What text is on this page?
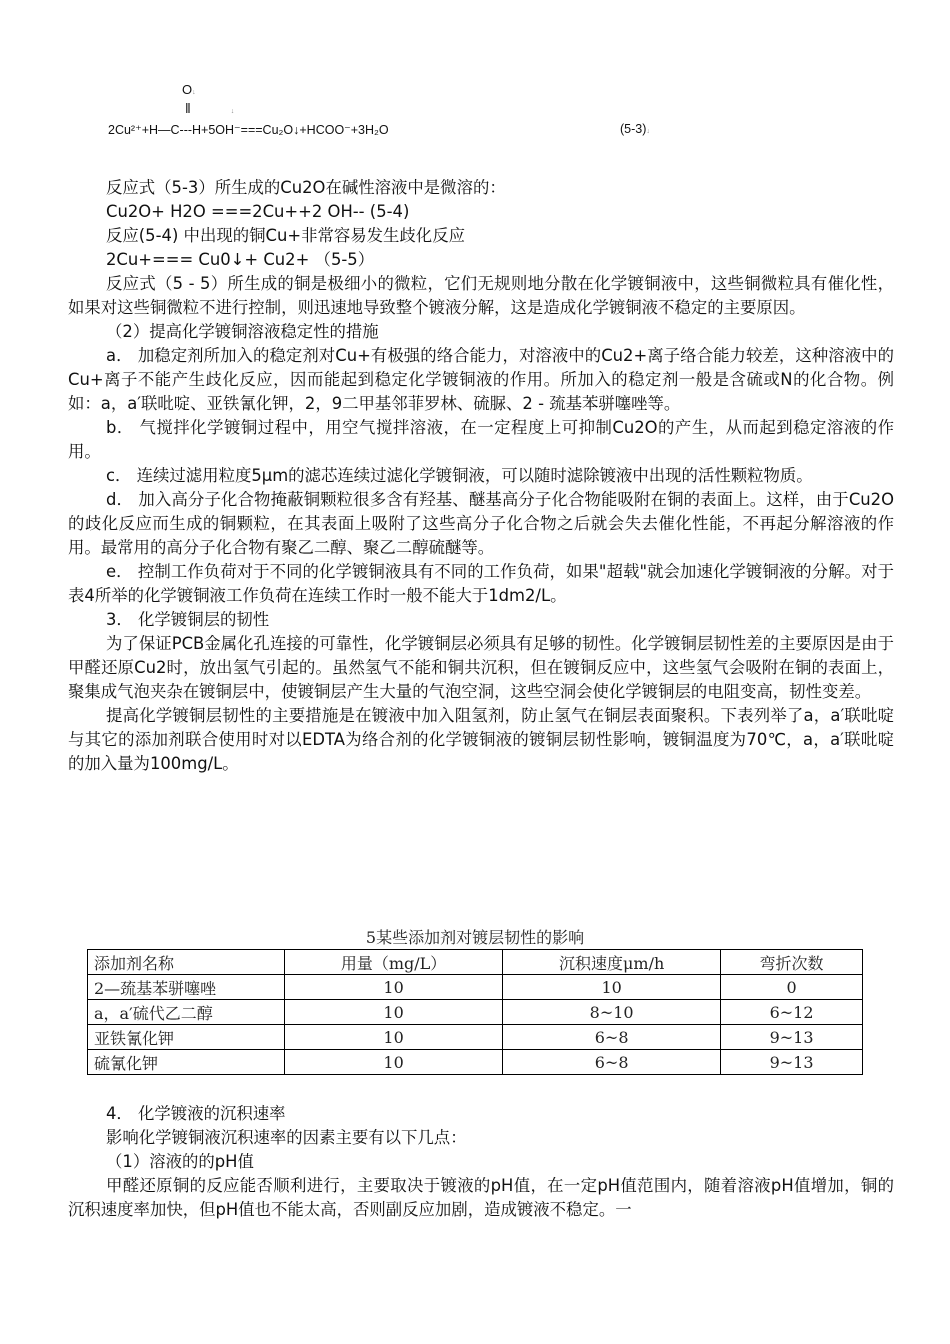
O↓
‖	↓
2Cu²⁺+H—C---H+5OH⁻===Cu₂O↓+HCOO⁻+3H₂O	(5-3)↓

反应式（5-3）所生成的Cu2O在碱性溶液中是微溶的：

Cu2O+ H2O ===2Cu++2 OH-- (5-4)

反应(5-4) 中出现的铜Cu+非常容易发生歧化反应

2Cu+=== Cu0↓+ Cu2+ （5-5）

反应式（5 - 5）所生成的铜是极细小的微粒，它们无规则地分散在化学镀铜液中，这些铜微粒具有催化性，如果对这些铜微粒不进行控制，则迅速地导致整个镀液分解，这是造成化学镀铜液不稳定的主要原因。

（2）提高化学镀铜溶液稳定性的措施

a． 加稳定剂所加入的稳定剂对Cu+有极强的络合能力，对溶液中的Cu2+离子络合能力较差，这种溶液中的Cu+离子不能产生歧化反应，因而能起到稳定化学镀铜液的作用。所加入的稳定剂一般是含硫或N的化合物。例如：a，a′联吡啶、亚铁氰化钾，2，9二甲基邻菲罗林、硫脲、2 - 巯基苯骈噻唑等。

b． 气搅拌化学镀铜过程中，用空气搅拌溶液，在一定程度上可抑制Cu2O的产生，从而起到稳定溶液的作用。

c． 连续过滤用粒度5μm的滤芯连续过滤化学镀铜液，可以随时滤除镀液中出现的活性颗粒物质。

d． 加入高分子化合物掩蔽铜颗粒很多含有羟基、醚基高分子化合物能吸附在铜的表面上。这样，由于Cu2O的歧化反应而生成的铜颗粒，在其表面上吸附了这些高分子化合物之后就会失去催化性能，不再起分解溶液的作用。最常用的高分子化合物有聚乙二醇、聚乙二醇硫醚等。

e． 控制工作负荷对于不同的化学镀铜液具有不同的工作负荷，如果"超载"就会加速化学镀铜液的分解。对于表4所举的化学镀铜液工作负荷在连续工作时一般不能大于1dm2/L。

3． 化学镀铜层的韧性

为了保证PCB金属化孔连接的可靠性，化学镀铜层必须具有足够的韧性。化学镀铜层韧性差的主要原因是由于甲醛还原Cu2时，放出氢气引起的。虽然氢气不能和铜共沉积，但在镀铜反应中，这些氢气会吸附在铜的表面上，聚集成气泡夹杂在镀铜层中，使镀铜层产生大量的气泡空洞，这些空洞会使化学镀铜层的电阻变高，韧性变差。

提高化学镀铜层韧性的主要措施是在镀液中加入阻氢剂，防止氢气在铜层表面聚积。下表列举了a，a′联吡啶与其它的添加剂联合使用时对以EDTA为络合剂的化学镀铜液的镀铜层韧性影响，镀铜温度为70℃，a，a′联吡啶的加入量为100mg/L。

5某些添加剂对镀层韧性的影响
添加剂名称	用量（mg/L）	沉积速度μm/h	弯折次数
2—巯基苯骈噻唑	10	10	0
a，a′硫代乙二醇	10	8~10	6~12
亚铁氰化钾	10	6~8	9~13
硫氰化钾	10	6~8	9~13

4． 化学镀液的沉积速率

影响化学镀铜液沉积速率的因素主要有以下几点：

（1）溶液的的pH值

甲醛还原铜的反应能否顺利进行，主要取决于镀液的pH值，在一定pH值范围内，随着溶液pH值增加，铜的沉积速度率加快，但pH值也不能太高，否则副反应加剧，造成镀液不稳定。一
